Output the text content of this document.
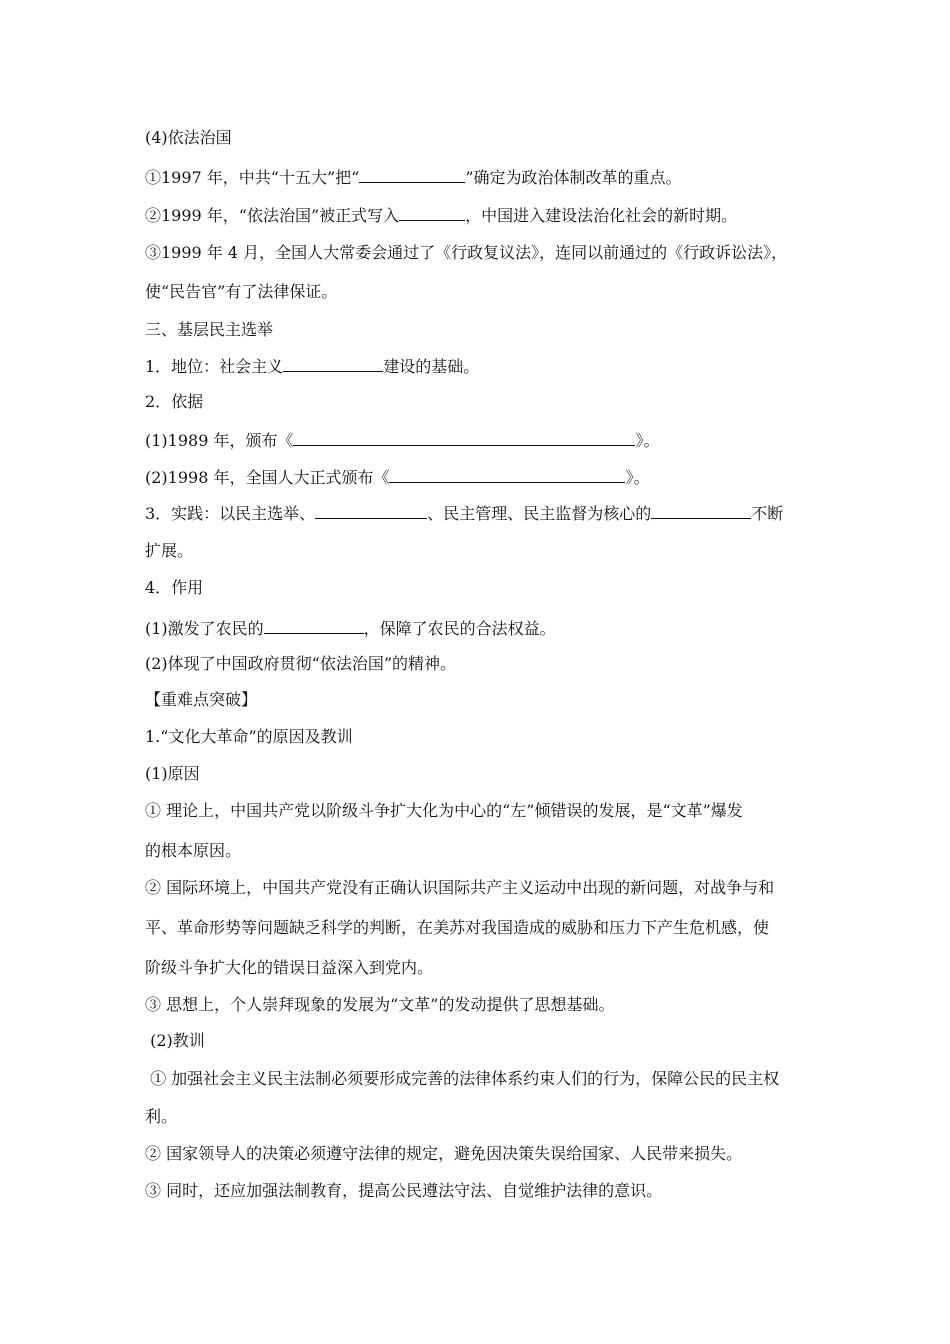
(4)依法治国
①1997 年，中共“十五大”把“	”确定为政治体制改革的重点。
②1999 年，“依法治国”被正式写入	，中国进入建设法治化社会的新时期。
③1999 年 4 月，全国人大常委会通过了《行政复议法》，连同以前通过的《行政诉讼法》，
使“民告官”有了法律保证。
三、基层民主选举
1．地位：社会主义	建设的基础。
2．依据
(1)1989 年，颁布《	》。
(2)1998 年，全国人大正式颁布《	》。
3．实践：以民主选举、	、民主管理、民主监督为核心的	不断
扩展。
4．作用
(1)激发了农民的	，保障了农民的合法权益。
(2)体现了中国政府贯彻“依法治国”的精神。
【重难点突破】
1.“文化大革命”的原因及教训
(1)原因
① 理论上，中国共产党以阶级斗争扩大化为中心的“左”倾错误的发展，是“文革”爆发
的根本原因。
② 国际环境上，中国共产党没有正确认识国际共产主义运动中出现的新问题，对战争与和
平、革命形势等问题缺乏科学的判断，在美苏对我国造成的威胁和压力下产生危机感，使
阶级斗争扩大化的错误日益深入到党内。
③ 思想上，个人崇拜现象的发展为“文革”的发动提供了思想基础。
(2)教训
① 加强社会主义民主法制必须要形成完善的法律体系约束人们的行为，保障公民的民主权
利。
② 国家领导人的决策必须遵守法律的规定，避免因决策失误给国家、人民带来损失。
③ 同时，还应加强法制教育，提高公民遵法守法、自觉维护法律的意识。
